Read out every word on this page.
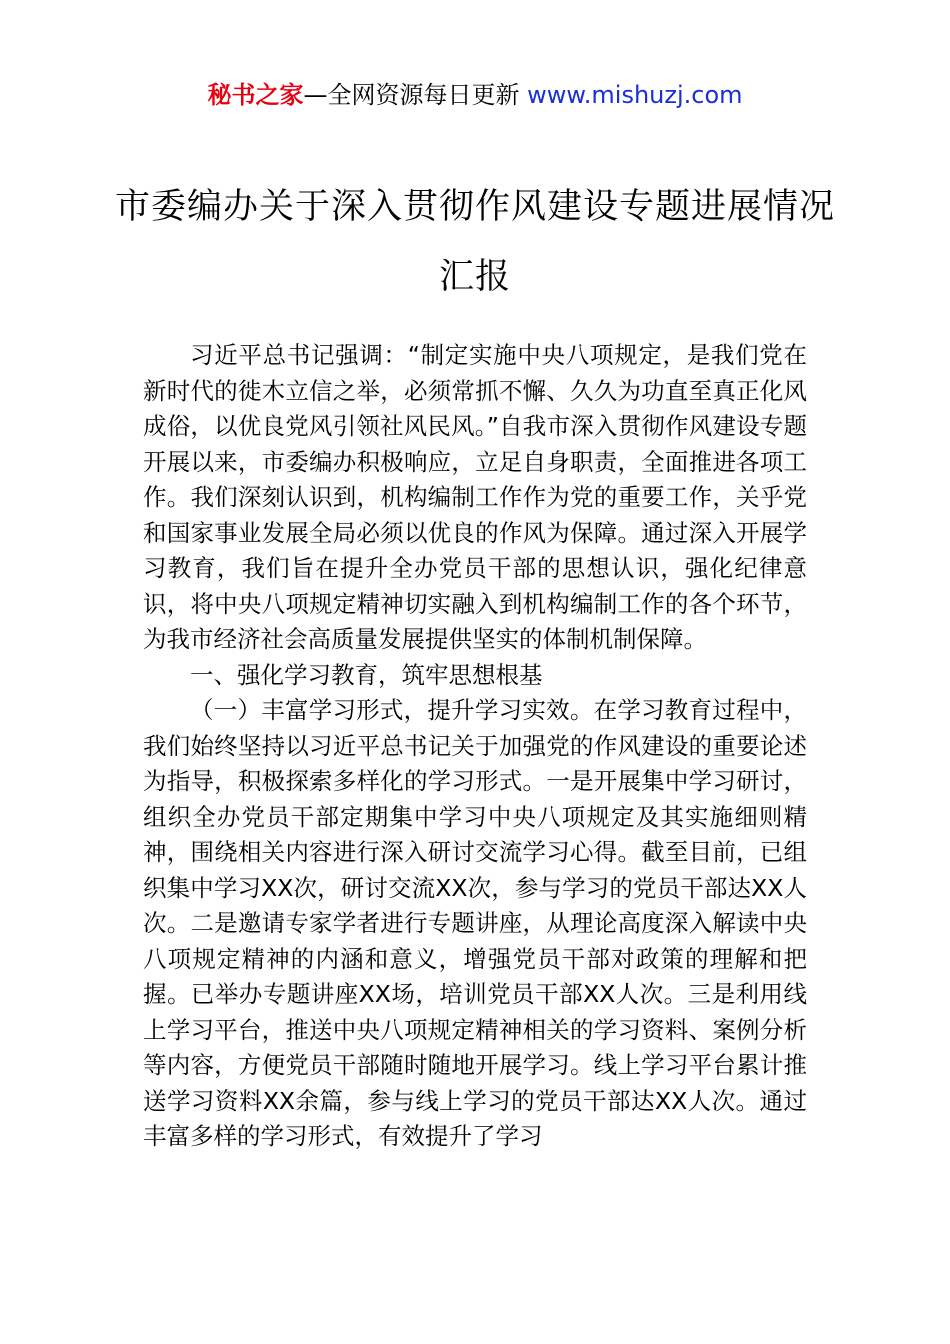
秘书之家—全网资源每日更新 www.mishuzj.com
市委编办关于深入贯彻作风建设专题进展情况汇报

习近平总书记强调：“制定实施中央八项规定，是我们党在新时代的徙木立信之举，必须常抓不懈、久久为功直至真正化风成俗，以优良党风引领社风民风。”自我市深入贯彻作风建设专题开展以来，市委编办积极响应，立足自身职责，全面推进各项工作。我们深刻认识到，机构编制工作作为党的重要工作，关乎党和国家事业发展全局必须以优良的作风为保障。通过深入开展学习教育，我们旨在提升全办党员干部的思想认识，强化纪律意识，将中央八项规定精神切实融入到机构编制工作的各个环节，为我市经济社会高质量发展提供坚实的体制机制保障。

一、强化学习教育，筑牢思想根基

（一）丰富学习形式，提升学习实效。在学习教育过程中，我们始终坚持以习近平总书记关于加强党的作风建设的重要论述为指导，积极探索多样化的学习形式。一是开展集中学习研讨，组织全办党员干部定期集中学习中央八项规定及其实施细则精神，围绕相关内容进行深入研讨交流学习心得。截至目前，已组织集中学习XX次，研讨交流XX次，参与学习的党员干部达XX人次。二是邀请专家学者进行专题讲座，从理论高度深入解读中央八项规定精神的内涵和意义，增强党员干部对政策的理解和把握。已举办专题讲座XX场，培训党员干部XX人次。三是利用线上学习平台，推送中央八项规定精神相关的学习资料、案例分析等内容，方便党员干部随时随地开展学习。线上学习平台累计推送学习资料XX余篇，参与线上学习的党员干部达XX人次。通过丰富多样的学习形式，有效提升了学习
